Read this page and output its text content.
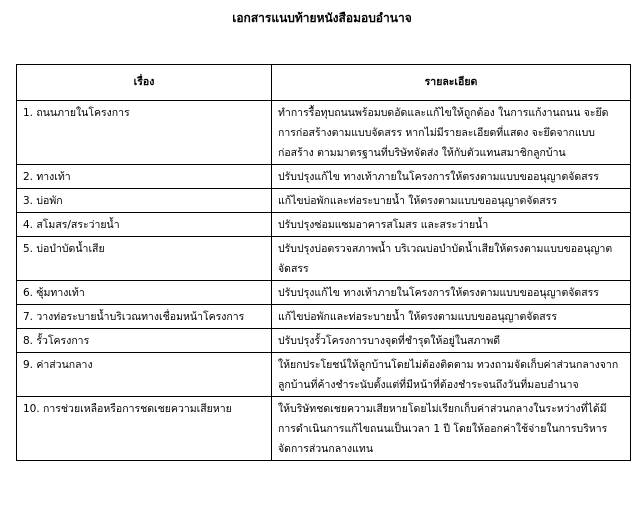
เอกสารแนบท้ายหนังสือมอบอำนาจ
เรื่อง	รายละเอียด
1. ถนนภายในโครงการ	ทำการรื้อทุบถนนพร้อมบดอัดและแก้ไขให้ถูกต้อง ในการแก้งานถนน จะยึดการก่อสร้างตามแบบจัดสรร หากไม่มีรายละเอียดที่แสดง จะยึดจากแบบก่อสร้าง ตามมาตรฐานที่บริษัทจัดส่ง ให้กับตัวแทนสมาชิกลูกบ้าน
2. ทางเท้า	ปรับปรุงแก้ไข ทางเท้าภายในโครงการให้ตรงตามแบบขออนุญาตจัดสรร
3. บ่อพัก	แก้ไขบ่อพักและท่อระบายน้ำ ให้ตรงตามแบบขออนุญาตจัดสรร
4. สโมสร/สระว่ายน้ำ	ปรับปรุงซ่อมแซมอาคารสโมสร และสระว่ายน้ำ
5. บ่อบำบัดน้ำเสีย	ปรับปรุงบ่อตรวจสภาพน้ำ บริเวณบ่อบำบัดน้ำเสียให้ตรงตามแบบขออนุญาตจัดสรร
6. ซุ้มทางเท้า	ปรับปรุงแก้ไข ทางเท้าภายในโครงการให้ตรงตามแบบขออนุญาตจัดสรร
7. วางท่อระบายน้ำบริเวณทางเชื่อมหน้าโครงการ	แก้ไขบ่อพักและท่อระบายน้ำ ให้ตรงตามแบบขออนุญาตจัดสรร
8. รั้วโครงการ	ปรับปรุงรั้วโครงการบางจุดที่ชำรุดให้อยู่ในสภาพดี
9. ค่าส่วนกลาง	ให้ยกประโยชน์ให้ลูกบ้านโดยไม่ต้องติดตาม ทวงถามจัดเก็บค่าส่วนกลางจากลูกบ้านที่ค้างชำระนับตั้งแต่ที่มีหน้าที่ต้องชำระจนถึงวันที่มอบอำนาจ
10. การช่วยเหลือหรือการชดเชยความเสียหาย	ให้บริษัทชดเชยความเสียหายโดยไม่เรียกเก็บค่าส่วนกลางในระหว่างที่ได้มีการดำเนินการแก้ไขถนนเป็นเวลา 1 ปี โดยให้ออกค่าใช้จ่ายในการบริหารจัดการส่วนกลางแทน
